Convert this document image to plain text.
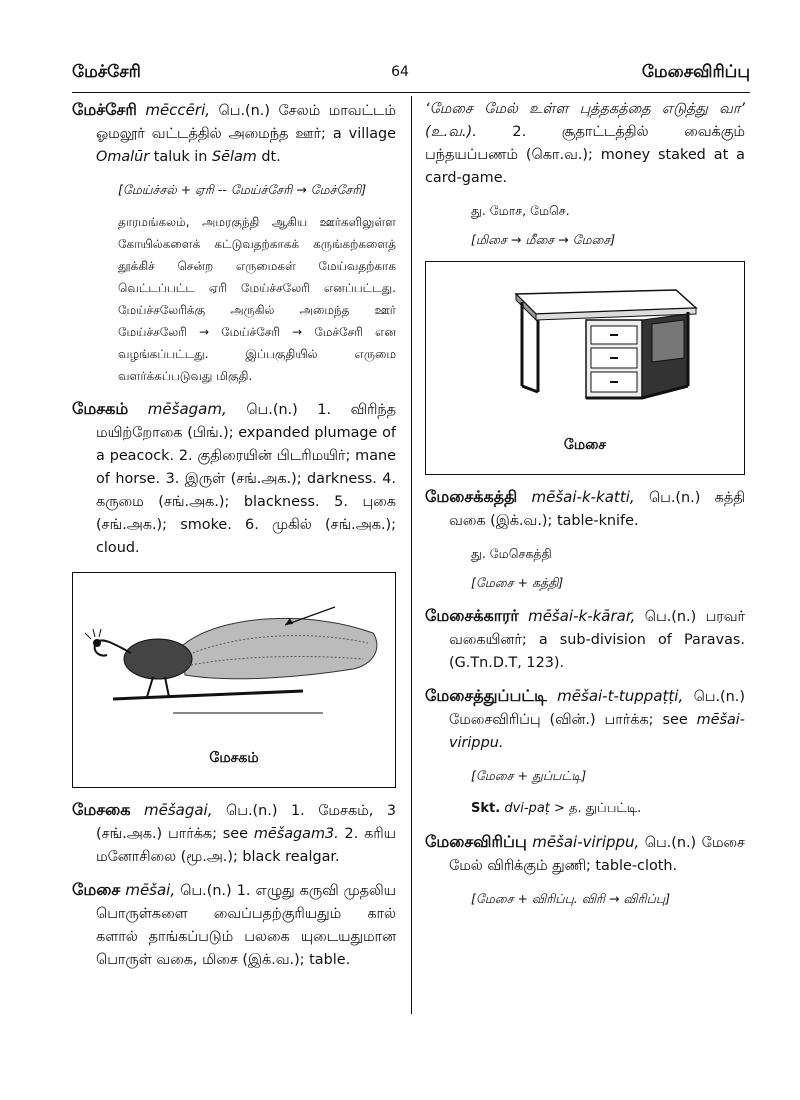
மேச்சேரி	64	மேசைவிரிப்பு
மேச்சேரி mēccēri, பெ.(n.) சேலம் மாவட்டம் ஓமலூர் வட்டத்தில் அமைந்த ஊர்; a village Omalūr taluk in Sēlam dt.
[மேய்ச்சல் + ஏரி -- மேய்ச்சேரி → மேச்சேரி]
தாரமங்கலம், அமரகுந்தி ஆகிய ஊர்களிலுள்ள கோயில்களைக் கட்டுவதற்காகக் கருங்கற்களைத் தூக்கிச் சென்ற எருமைகள் மேய்வதற்காக வெட்டப்பட்ட ஏரி மேய்ச்சலேரி எனப்பட்டது. மேய்ச்சலேரிக்கு அருகில் அமைந்த ஊர் மேய்ச்சலேரி → மேய்ச்சேரி → மேச்சேரி என வழங்கப்பட்டது. இப்பகுதியில் எருமை வளர்க்கப்படுவது மிகுதி.
மேசகம் mēšagam, பெ.(n.) 1. விரிந்த மயிற்றோகை (பிங்.); expanded plumage of a peacock. 2. குதிரையின் பிடரிமயிர்; mane of horse. 3. இருள் (சங்.அக.); darkness. 4. கருமை (சங்.அக.); blackness. 5. புகை (சங்.அக.); smoke. 6. முகில் (சங்.அக.); cloud.
மேசகம்
மேசகை mēšagai, பெ.(n.) 1. மேசகம், 3 (சங்.அக.) பார்க்க; see mēšagam3. 2. கரிய மனோசிலை (மூ.அ.); black realgar.
மேசை mēšai, பெ.(n.) 1. எழுது கருவி முதலிய பொருள்களை வைப்பதற்குரியதும் கால் களால் தாங்கப்படும் பலகை யுடையதுமான பொருள் வகை, மிசை (இக்.வ.); table.
‘மேசை மேல் உள்ள புத்தகத்தை எடுத்து வா’ (உ.வ.). 2. சூதாட்டத்தில் வைக்கும் பந்தயப்பணம் (கொ.வ.); money staked at a card-game.
து. மோச, மேசெ.
[மிசை → மீசை → மேசை]
மேசை
மேசைக்கத்தி mēšai-k-katti, பெ.(n.) கத்தி வகை (இக்.வ.); table-knife.
து. மேசெகத்தி
[மேசை + கத்தி]
மேசைக்காரர் mēšai-k-kārar, பெ.(n.) பரவர் வகையினர்; a sub-division of Paravas. (G.Tn.D.T, 123).
மேசைத்துப்பட்டி mēšai-t-tuppaṭṭi, பெ.(n.) மேசைவிரிப்பு (வின்.) பார்க்க; see mēšai-virippu.
[மேசை + துப்பட்டி]
Skt. dvi-paṭ > த. துப்பட்டி.
மேசைவிரிப்பு mēšai-virippu, பெ.(n.) மேசை மேல் விரிக்கும் துணி; table-cloth.
[மேசை + விரிப்பு. விரி → விரிப்பு]
